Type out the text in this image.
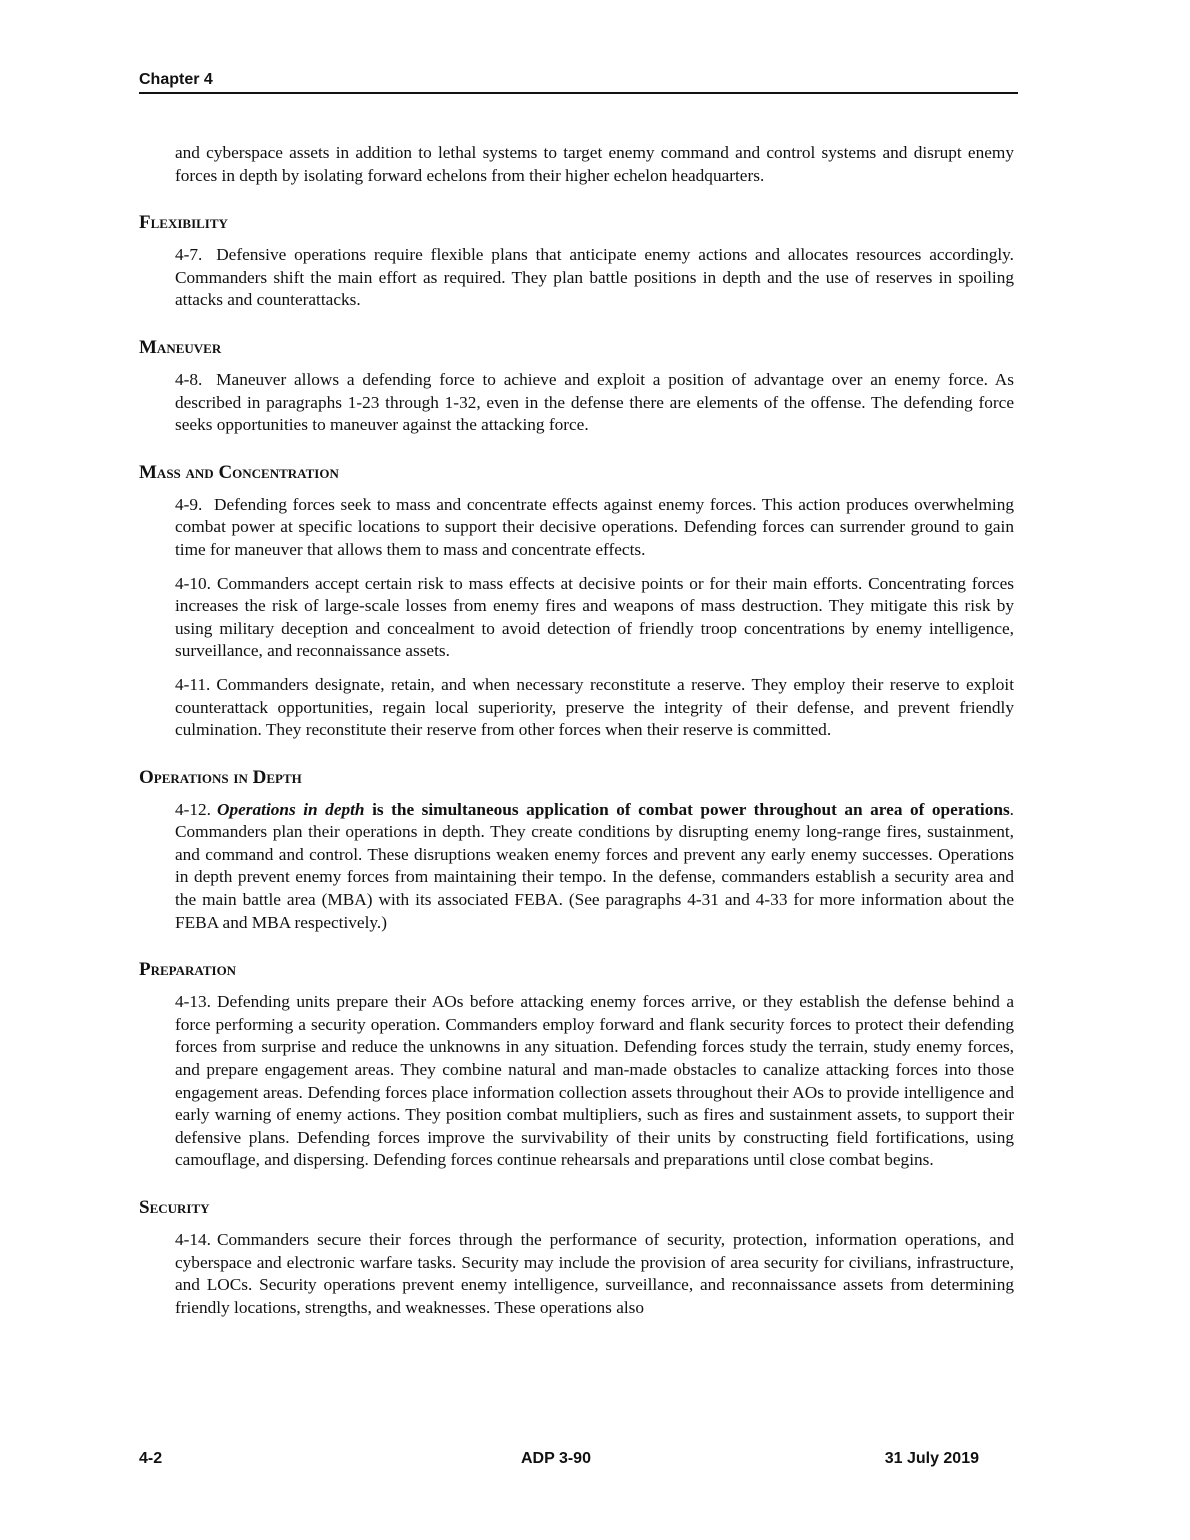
Chapter 4

and cyberspace assets in addition to lethal systems to target enemy command and control systems and disrupt enemy forces in depth by isolating forward echelons from their higher echelon headquarters.

Flexibility

4-7. Defensive operations require flexible plans that anticipate enemy actions and allocates resources accordingly. Commanders shift the main effort as required. They plan battle positions in depth and the use of reserves in spoiling attacks and counterattacks.

Maneuver

4-8. Maneuver allows a defending force to achieve and exploit a position of advantage over an enemy force. As described in paragraphs 1-23 through 1-32, even in the defense there are elements of the offense. The defending force seeks opportunities to maneuver against the attacking force.

Mass and Concentration

4-9. Defending forces seek to mass and concentrate effects against enemy forces. This action produces overwhelming combat power at specific locations to support their decisive operations. Defending forces can surrender ground to gain time for maneuver that allows them to mass and concentrate effects.

4-10. Commanders accept certain risk to mass effects at decisive points or for their main efforts. Concentrating forces increases the risk of large-scale losses from enemy fires and weapons of mass destruction. They mitigate this risk by using military deception and concealment to avoid detection of friendly troop concentrations by enemy intelligence, surveillance, and reconnaissance assets.

4-11. Commanders designate, retain, and when necessary reconstitute a reserve. They employ their reserve to exploit counterattack opportunities, regain local superiority, preserve the integrity of their defense, and prevent friendly culmination. They reconstitute their reserve from other forces when their reserve is committed.

Operations in Depth

4-12. Operations in depth is the simultaneous application of combat power throughout an area of operations. Commanders plan their operations in depth. They create conditions by disrupting enemy long-range fires, sustainment, and command and control. These disruptions weaken enemy forces and prevent any early enemy successes. Operations in depth prevent enemy forces from maintaining their tempo. In the defense, commanders establish a security area and the main battle area (MBA) with its associated FEBA. (See paragraphs 4-31 and 4-33 for more information about the FEBA and MBA respectively.)

Preparation

4-13. Defending units prepare their AOs before attacking enemy forces arrive, or they establish the defense behind a force performing a security operation. Commanders employ forward and flank security forces to protect their defending forces from surprise and reduce the unknowns in any situation. Defending forces study the terrain, study enemy forces, and prepare engagement areas. They combine natural and man-made obstacles to canalize attacking forces into those engagement areas. Defending forces place information collection assets throughout their AOs to provide intelligence and early warning of enemy actions. They position combat multipliers, such as fires and sustainment assets, to support their defensive plans. Defending forces improve the survivability of their units by constructing field fortifications, using camouflage, and dispersing. Defending forces continue rehearsals and preparations until close combat begins.

Security

4-14. Commanders secure their forces through the performance of security, protection, information operations, and cyberspace and electronic warfare tasks. Security may include the provision of area security for civilians, infrastructure, and LOCs. Security operations prevent enemy intelligence, surveillance, and reconnaissance assets from determining friendly locations, strengths, and weaknesses. These operations also

4-2	ADP 3-90	31 July 2019
